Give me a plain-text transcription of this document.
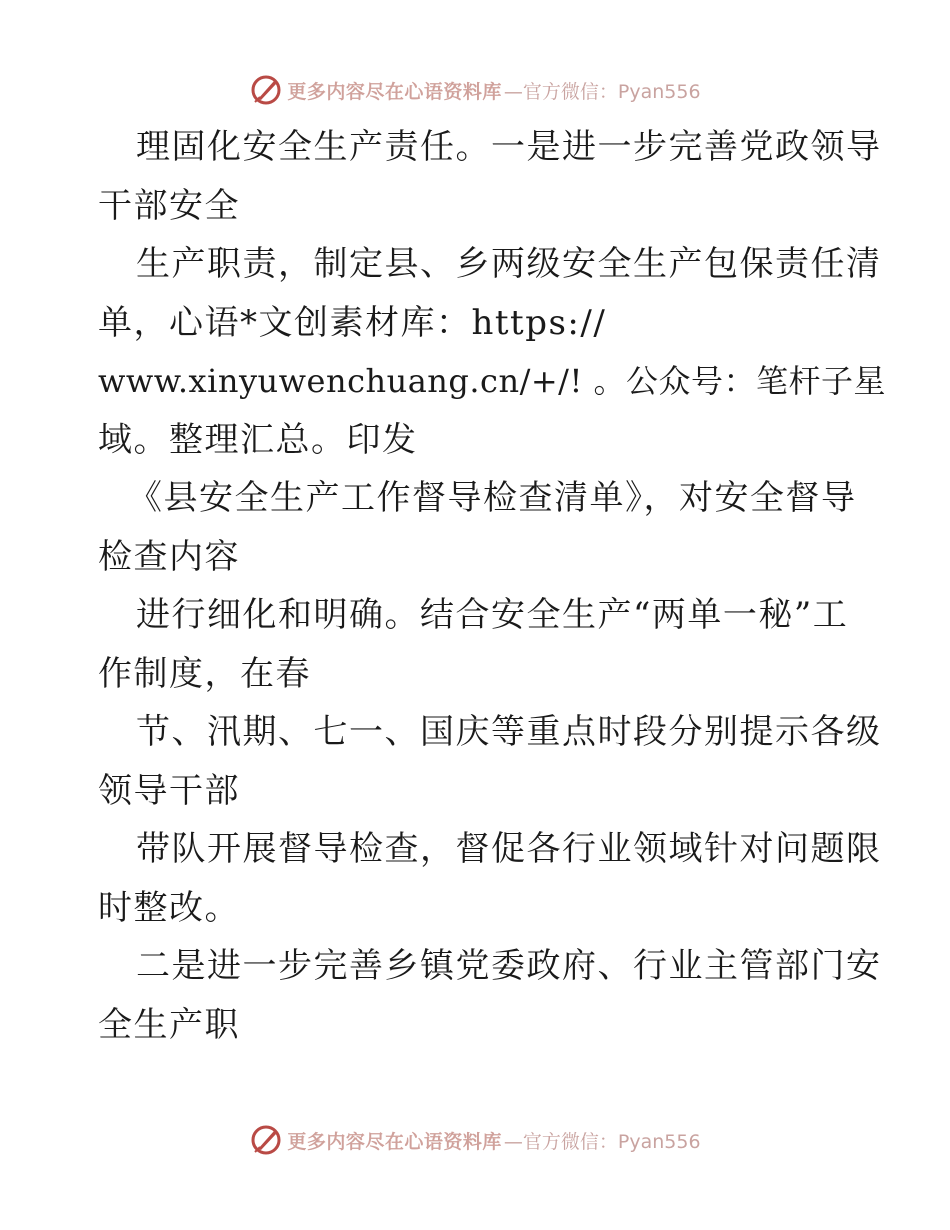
更多内容尽在心语资料库 —官方微信：Pyan556
理固化安全生产责任。一是进一步完善党政领导
干部安全
生产职责，制定县、乡两级安全生产包保责任清
单，心语*文创素材库：https://
www.xinyuwenchuang.cn/+/! 。公众号：笔杆子星
域。整理汇总。印发
《县安全生产工作督导检查清单》，对安全督导
检查内容
进行细化和明确。结合安全生产“两单一秘”工
作制度，在春
节、汛期、七一、国庆等重点时段分别提示各级
领导干部
带队开展督导检查，督促各行业领域针对问题限
时整改。
二是进一步完善乡镇党委政府、行业主管部门安
全生产职
更多内容尽在心语资料库 —官方微信：Pyan556
